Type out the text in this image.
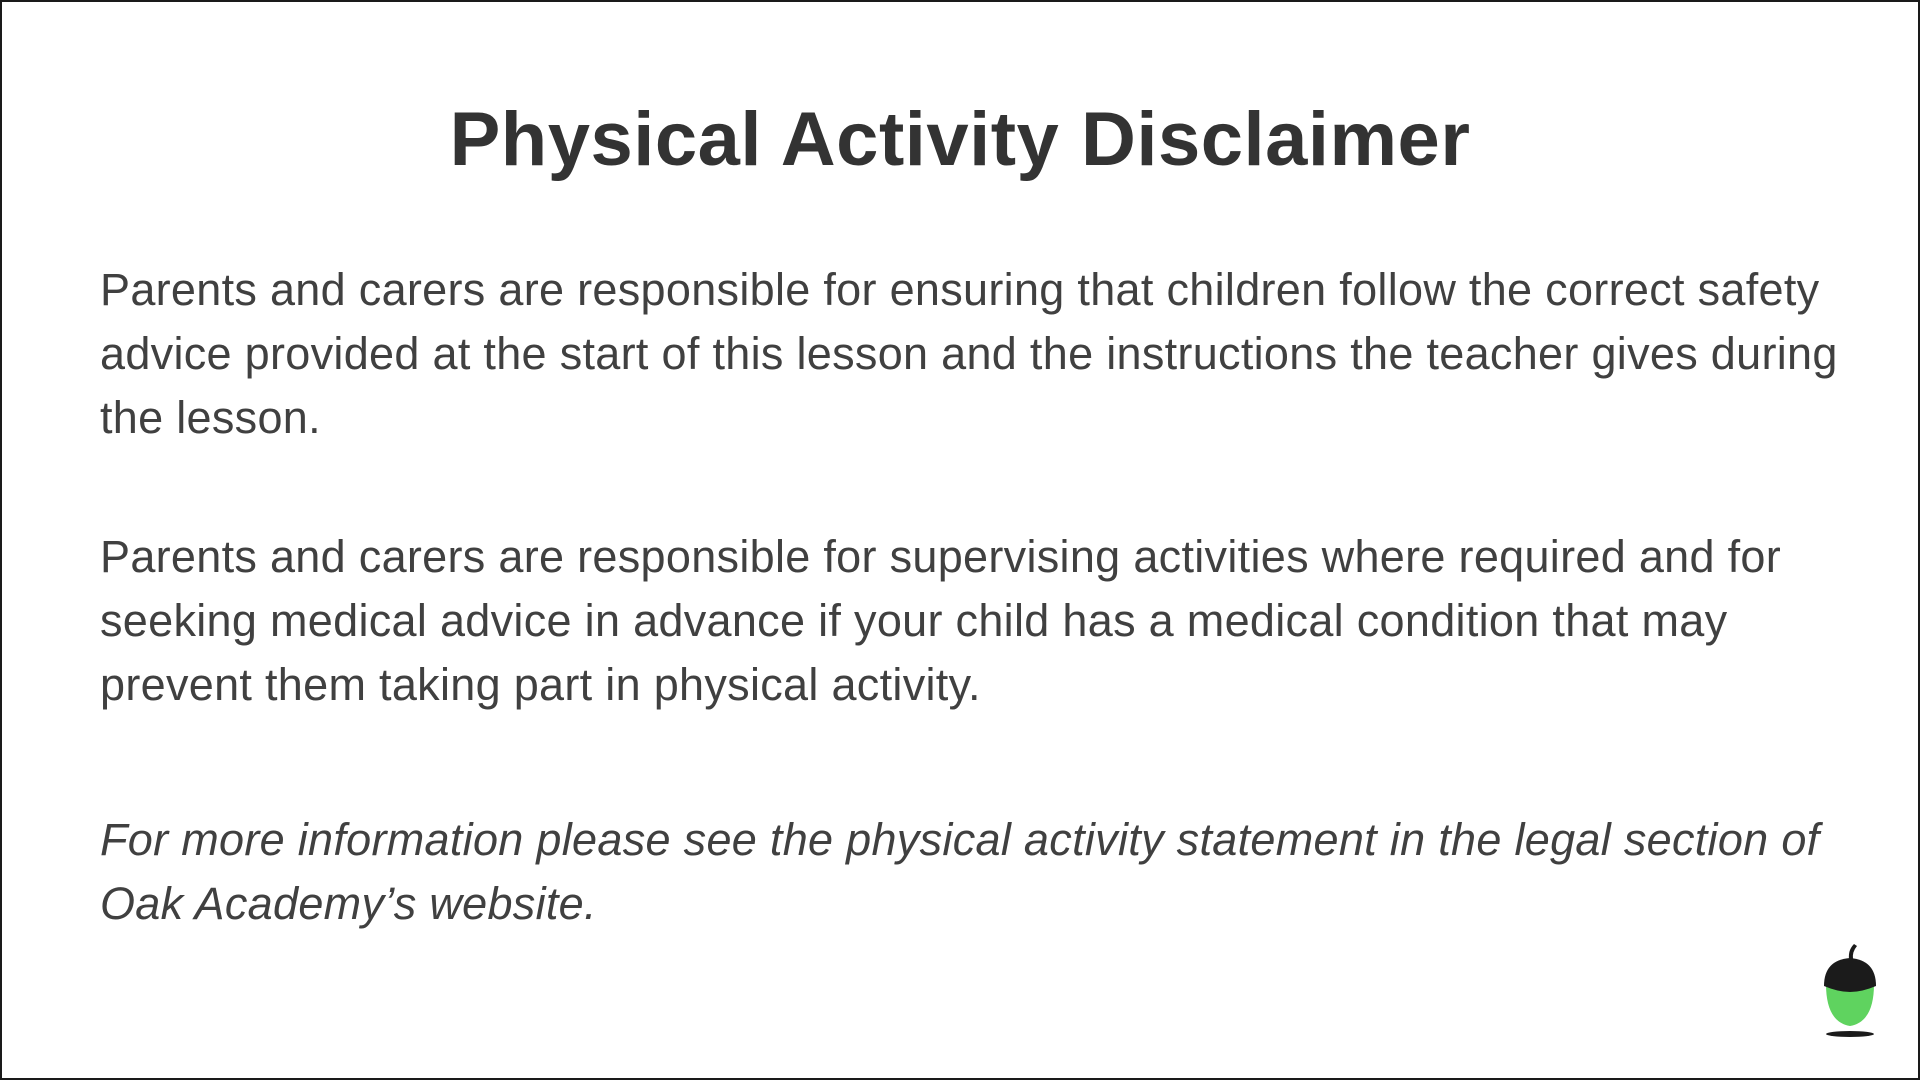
Physical Activity Disclaimer

Parents and carers are responsible for ensuring that children follow the correct safety advice provided at the start of this lesson and the instructions the teacher gives during the lesson.

Parents and carers are responsible for supervising activities where required and for seeking medical advice in advance if your child has a medical condition that may prevent them taking part in physical activity.

For more information please see the physical activity statement in the legal section of Oak Academy’s website.
